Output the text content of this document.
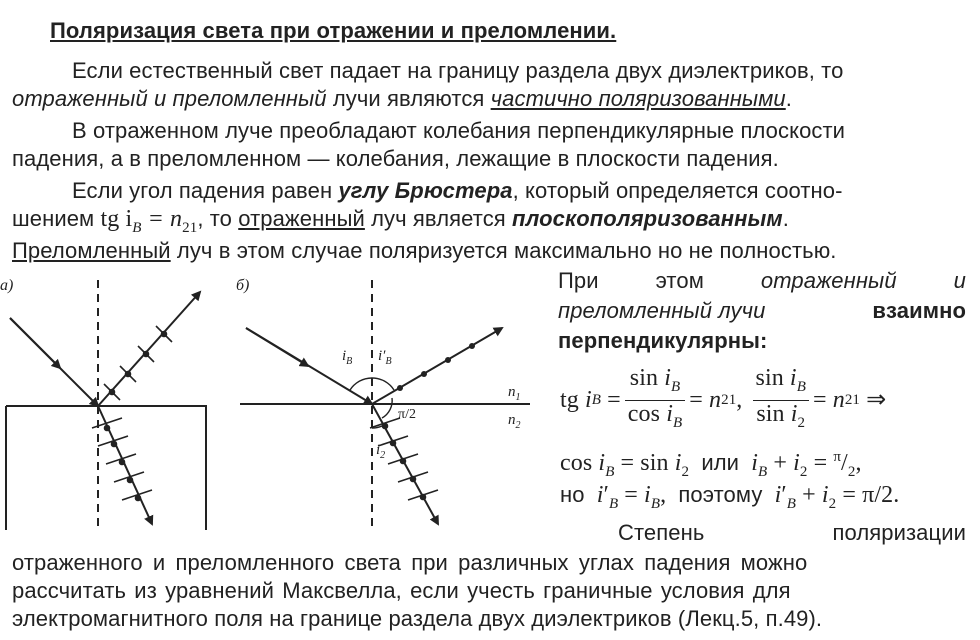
Поляризация света при отражении и преломлении.
Если естественный свет падает на границу раздела двух диэлектриков, то
отраженный и преломленный лучи являются частично поляризованными.
В отраженном луче преобладают колебания перпендикулярные плоскости
падения, а в преломленном — колебания, лежащие в плоскости падения.
Если угол падения равен углу Брюстера, который определяется соотно-
шением tg $i_B = n_{21}$, то отраженный луч является плоскополяризованным.
Преломленный луч в этом случае поляризуется максимально но не полностью.
При	этом	отраженный	и
преломленный лучи	взаимно
перпендикулярны:
tg
i $B = \frac{\sin i_B}{\cos i_B} = n$ 21 , $\frac{\sin i_B}{\sin i_2} = n$ 21
⇒
$\cos i_B = \sin i_2$ или $i_B + i_2 = ^\pi/_2$,
но $i'_B = i_B$,  поэтому $i'_B + i_2 = \pi/2$.
Степень	поляризации
отраженного и преломленного света при различных углах падения можно
рассчитать из уравнений Максвелла, если учесть граничные условия для
электромагнитного поля на границе раздела двух диэлектриков (Лекц.5, п.49).
а)	б)
$i_B$ $i'_B$
π/2
$i_2$
$n_1$
$n_2$
